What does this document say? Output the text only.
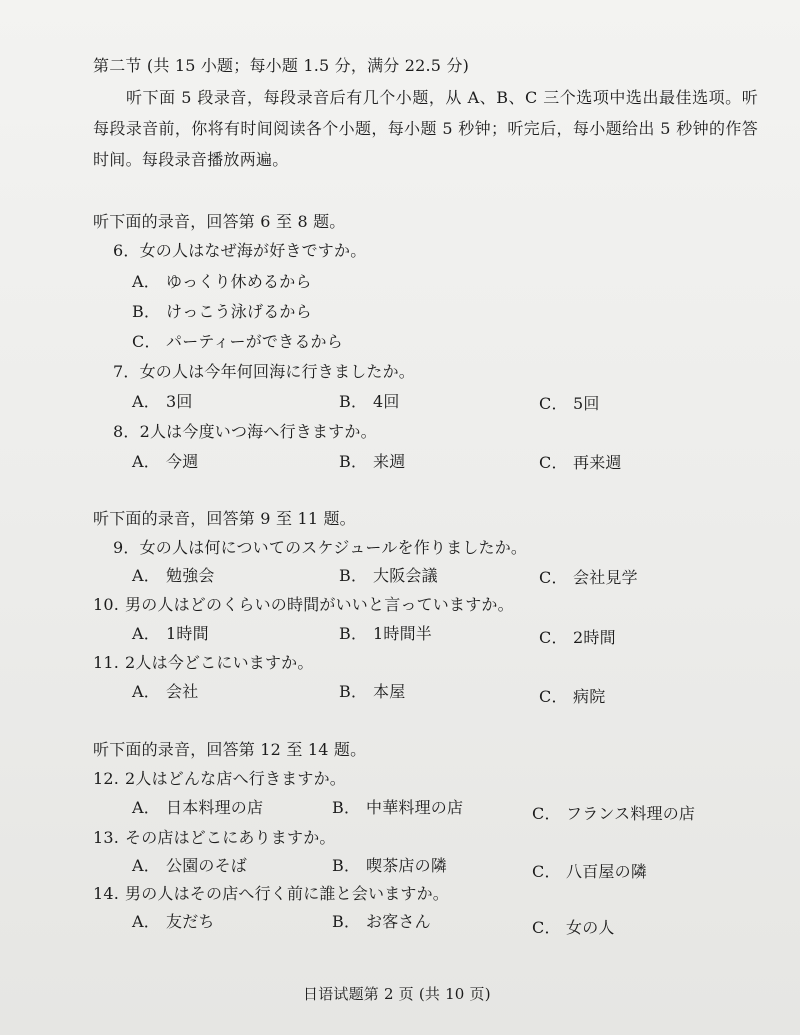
第二节 (共 15 小题；每小题 1.5 分，满分 22.5 分)
听下面 5 段录音，每段录音后有几个小题，从 A、B、C 三个选项中选出最佳选项。听每段录音前，你将有时间阅读各个小题，每小题 5 秒钟；听完后，每小题给出 5 秒钟的作答时间。每段录音播放两遍。
听下面的录音，回答第 6 至 8 题。
6．女の人はなぜ海が好きですか。
A． ゆっくり休めるから
B． けっこう泳げるから
C． パーティーができるから
7．女の人は今年何回海に行きましたか。
A． 3回	B． 4回	C． 5回
8．2人は今度いつ海へ行きますか。
A． 今週	B． 来週	C． 再来週
听下面的录音，回答第 9 至 11 题。
9．女の人は何についてのスケジュールを作りましたか。
A． 勉強会	B． 大阪会議	C． 会社見学
10. 男の人はどのくらいの時間がいいと言っていますか。
A． 1時間	B． 1時間半	C． 2時間
11. 2人は今どこにいますか。
A． 会社	B． 本屋	C． 病院
听下面的录音，回答第 12 至 14 题。
12. 2人はどんな店へ行きますか。
A． 日本料理の店	B． 中華料理の店	C． フランス料理の店
13. その店はどこにありますか。
A． 公園のそば	B． 喫茶店の隣	C． 八百屋の隣
14. 男の人はその店へ行く前に誰と会いますか。
A． 友だち	B． お客さん	C． 女の人
日语试题第 2 页 (共 10 页)
